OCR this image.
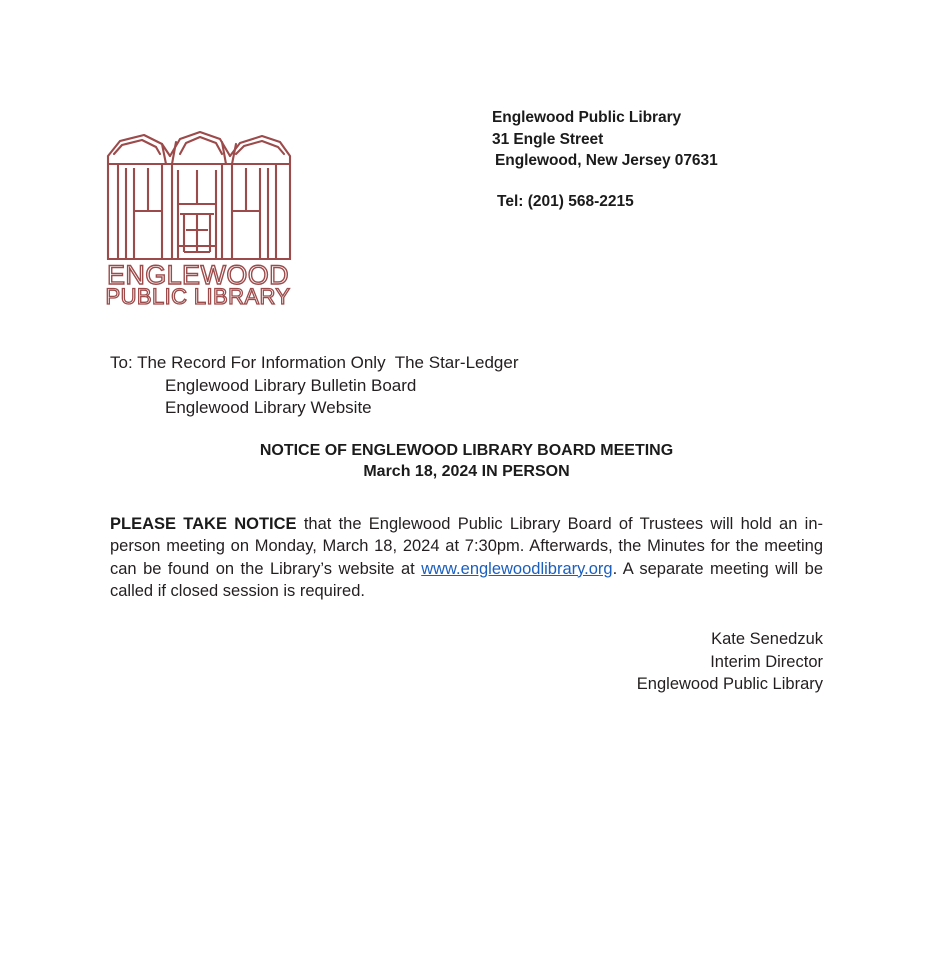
ENGLEWOOD
PUBLIC LIBRARY
Englewood Public Library
31 Engle Street
Englewood, New Jersey 07631
Tel: (201) 568-2215
To: The Record For Information Only  The Star-Ledger
Englewood Library Bulletin Board
Englewood Library Website
NOTICE OF ENGLEWOOD LIBRARY BOARD MEETING
March 18, 2024 IN PERSON

PLEASE TAKE NOTICE that the Englewood Public Library Board of Trustees will hold an in-person meeting on Monday, March 18, 2024 at 7:30pm. Afterwards, the Minutes for the meeting can be found on the Library’s website at www.englewoodlibrary.org. A separate meeting will be called if closed session is required.

Kate Senedzuk
Interim Director
Englewood Public Library
